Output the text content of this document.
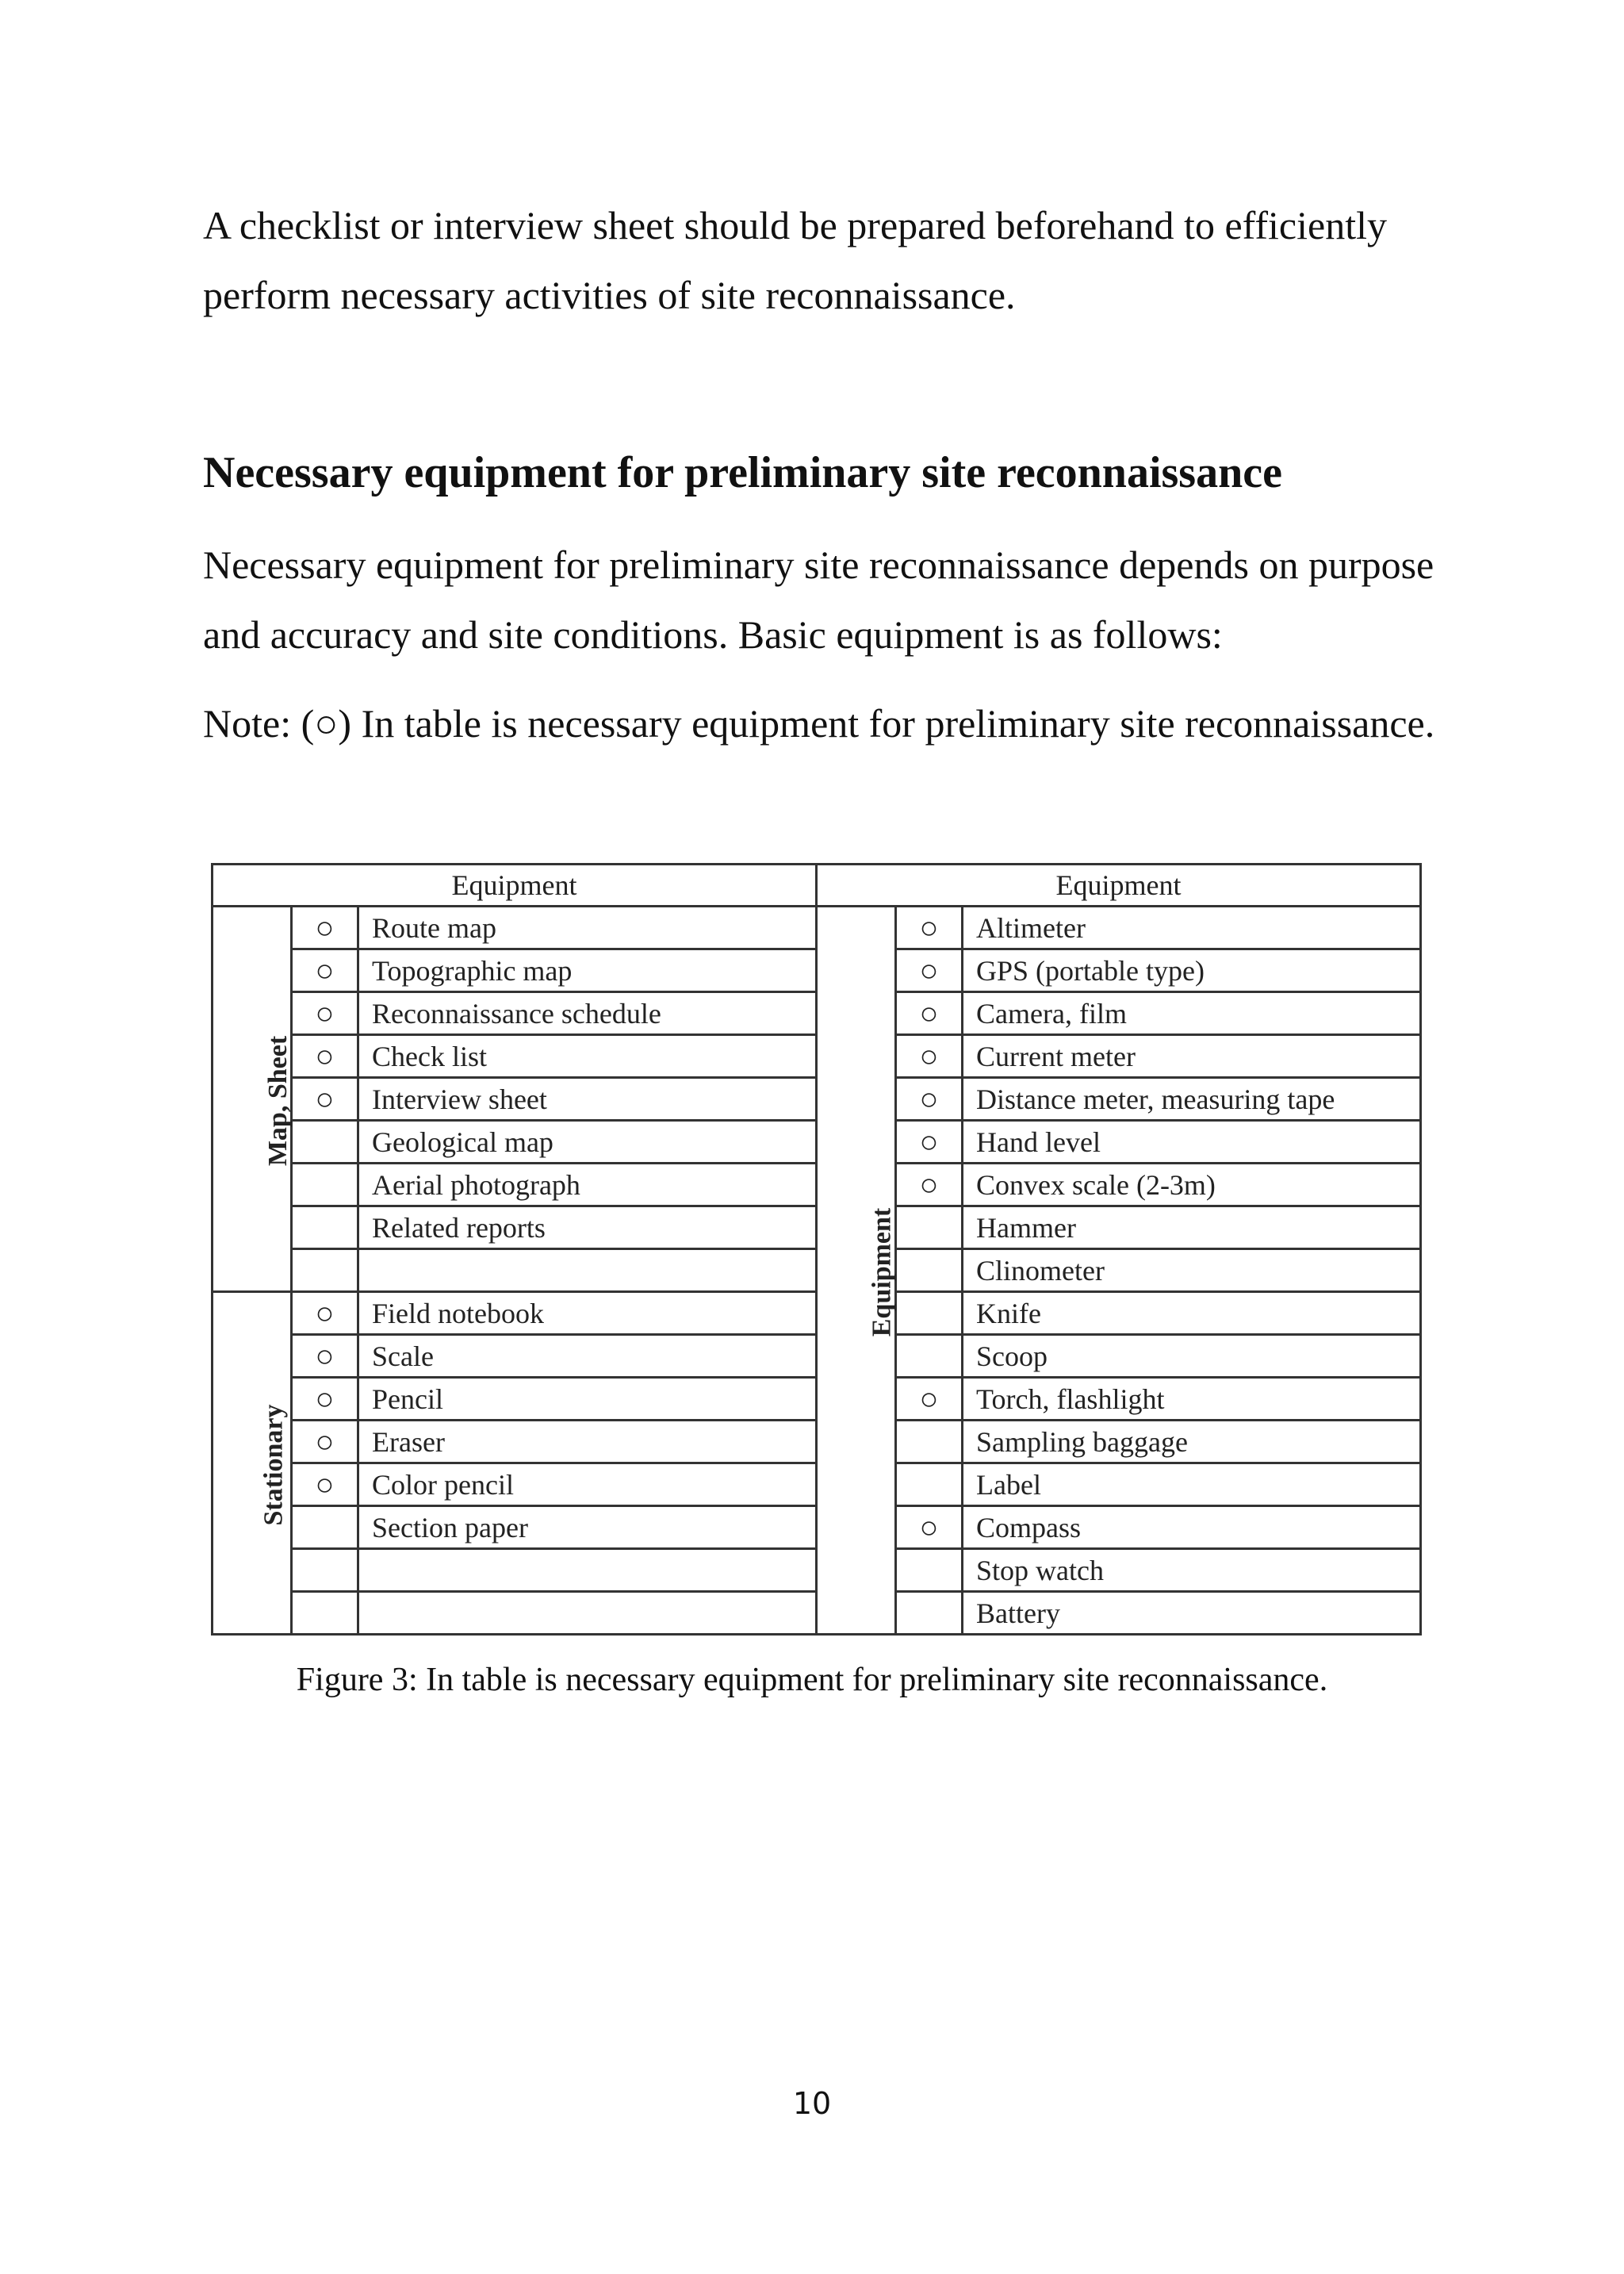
A checklist or interview sheet should be prepared beforehand to efficiently perform necessary activities of site reconnaissance.

Necessary equipment for preliminary site reconnaissance

Necessary equipment for preliminary site reconnaissance depends on purpose and accuracy and site conditions. Basic equipment is as follows:

Note: (○) In table is necessary equipment for preliminary site reconnaissance.

Equipment			Equipment		
Map, Sheet	○	Route map	Equipment	○	Altimeter
	○	Topographic map		○	GPS (portable type)
	○	Reconnaissance schedule		○	Camera, film
	○	Check list		○	Current meter
	○	Interview sheet		○	Distance meter, measuring tape
		Geological map		○	Hand level
		Aerial photograph		○	Convex scale (2-3m)
		Related reports			Hammer
					Clinometer
Stationary	○	Field notebook			Knife
	○	Scale			Scoop
	○	Pencil		○	Torch, flashlight
	○	Eraser			Sampling baggage
	○	Color pencil			Label
		Section paper		○	Compass
					Stop watch
					Battery

Figure 3: In table is necessary equipment for preliminary site reconnaissance.

10
